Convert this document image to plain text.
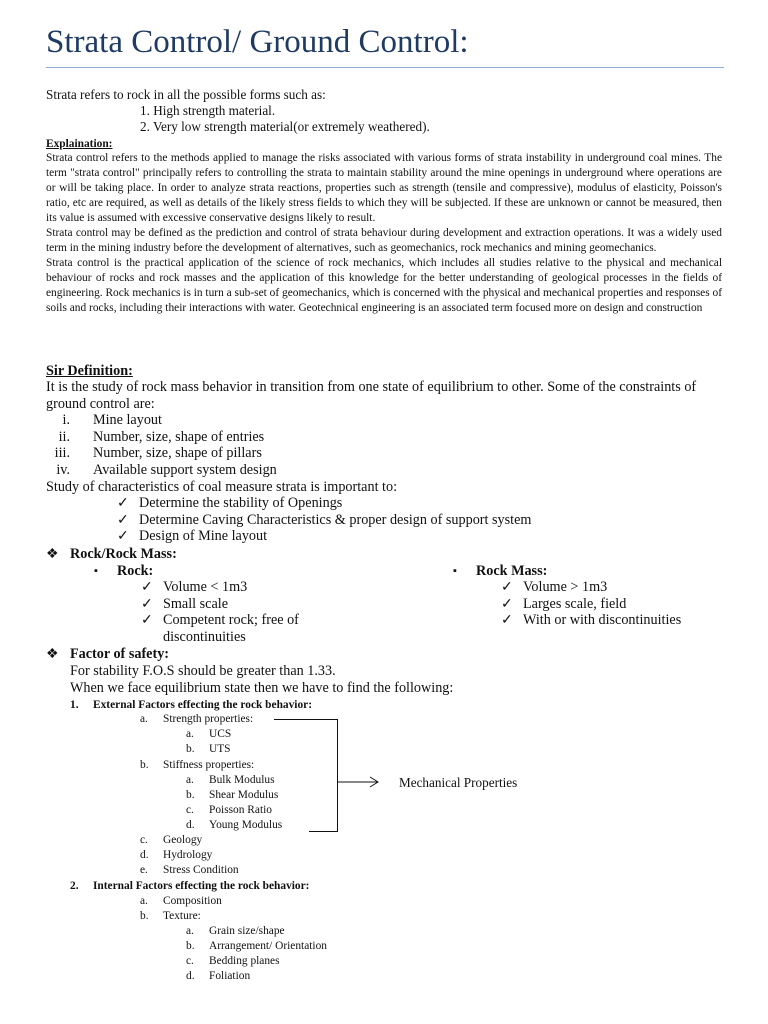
Strata Control/ Ground Control:
Strata refers to rock in all the possible forms such as:
1. High strength material.
2. Very low strength material(or extremely weathered).
Explaination:

Strata control refers to the methods applied to manage the risks associated with various forms of strata instability in underground coal mines. The term "strata control" principally refers to controlling the strata to maintain stability around the mine openings in underground where operations are or will be taking place. In order to analyze strata reactions, properties such as strength (tensile and compressive), modulus of elasticity, Poisson's ratio, etc are required, as well as details of the likely stress fields to which they will be subjected. If these are unknown or cannot be measured, then its value is assumed with excessive conservative designs likely to result.

Strata control may be defined as the prediction and control of strata behaviour during development and extraction operations. It was a widely used term in the mining industry before the development of alternatives, such as geomechanics, rock mechanics and mining geomechanics.

Strata control is the practical application of the science of rock mechanics, which includes all studies relative to the physical and mechanical behaviour of rocks and rock masses and the application of this knowledge for the better understanding of geological processes in the fields of engineering. Rock mechanics is in turn a sub-set of geomechanics, which is concerned with the physical and mechanical properties and responses of soils and rocks, including their interactions with water. Geotechnical engineering is an associated term focused more on design and construction

Sir Definition:
It is the study of rock mass behavior in transition from one state of equilibrium to other. Some of the constraints of
ground control are:
i. Mine layout
ii. Number, size, shape of entries
iii. Number, size, shape of pillars
iv. Available support system design
Study of characteristics of coal measure strata is important to:
✓ Determine the stability of Openings
✓ Determine Caving Characteristics & proper design of support system
✓ Design of Mine layout
❖ Rock/Rock Mass:
▪ Rock:
✓ Volume < 1m3
✓ Small scale
✓ Competent rock; free of
discontinuities
▪ Rock Mass:
✓ Volume > 1m3
✓ Larges scale, field
✓ With or with discontinuities
❖ Factor of safety:
For stability F.O.S should be greater than 1.33.
When we face equilibrium state then we have to find the following:
1. External Factors effecting the rock behavior:
a. Strength properties:
a. UCS
b. UTS
b. Stiffness properties:
a. Bulk Modulus
b. Shear Modulus
c. Poisson Ratio
d. Young Modulus
c. Geology
d. Hydrology
e. Stress Condition
Mechanical Properties
2. Internal Factors effecting the rock behavior:
a. Composition
b. Texture:
a. Grain size/shape
b. Arrangement/ Orientation
c. Bedding planes
d. Foliation
